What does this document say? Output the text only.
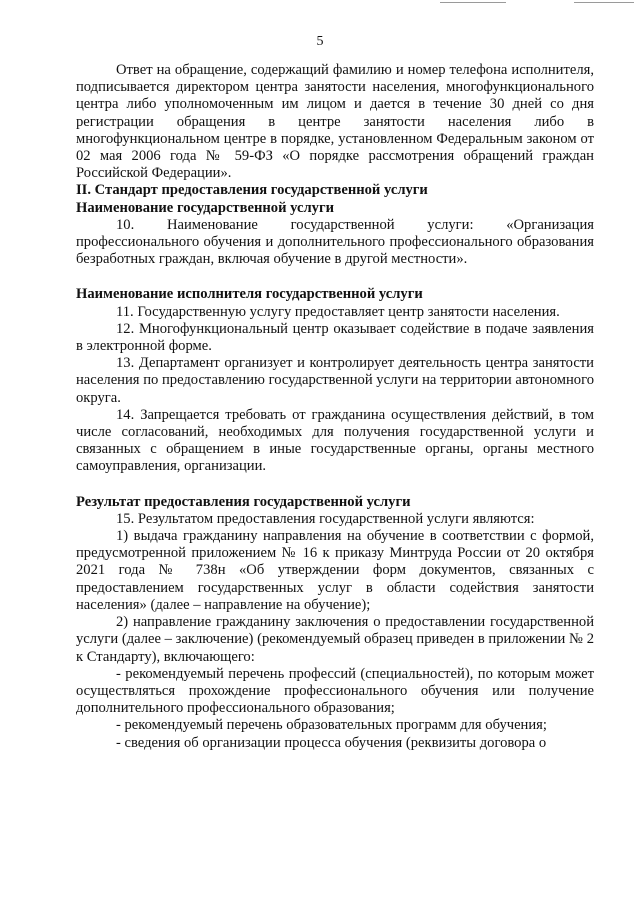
5

Ответ на обращение, содержащий фамилию и номер телефона исполнителя, подписывается директором центра занятости населения, многофункционального центра либо уполномоченным им лицом и дается в течение 30 дней со дня регистрации обращения в центре занятости населения либо в многофункциональном центре в порядке, установленном Федеральным законом от 02 мая 2006 года № 59-ФЗ «О порядке рассмотрения обращений граждан Российской Федерации».

II. Стандарт предоставления государственной услуги

Наименование государственной услуги

10. Наименование государственной услуги: «Организация профессионального обучения и дополнительного профессионального образования безработных граждан, включая обучение в другой местности».

Наименование исполнителя государственной услуги

11. Государственную услугу предоставляет центр занятости населения.

12. Многофункциональный центр оказывает содействие в подаче заявления в электронной форме.

13. Департамент организует и контролирует деятельность центра занятости населения по предоставлению государственной услуги на территории автономного округа.

14. Запрещается требовать от гражданина осуществления действий, в том числе согласований, необходимых для получения государственной услуги и связанных с обращением в иные государственные органы, органы местного самоуправления, организации.

Результат предоставления государственной услуги

15. Результатом предоставления государственной услуги являются:

1) выдача гражданину направления на обучение в соответствии с формой, предусмотренной приложением № 16 к приказу Минтруда России от 20 октября 2021 года № 738н «Об утверждении форм документов, связанных с предоставлением государственных услуг в области содействия занятости населения» (далее – направление на обучение);

2) направление гражданину заключения о предоставлении государственной услуги (далее – заключение) (рекомендуемый образец приведен в приложении № 2 к Стандарту), включающего:

- рекомендуемый перечень профессий (специальностей), по которым может осуществляться прохождение профессионального обучения или получение дополнительного профессионального образования;

- рекомендуемый перечень образовательных программ для обучения;

- сведения об организации процесса обучения (реквизиты договора о
